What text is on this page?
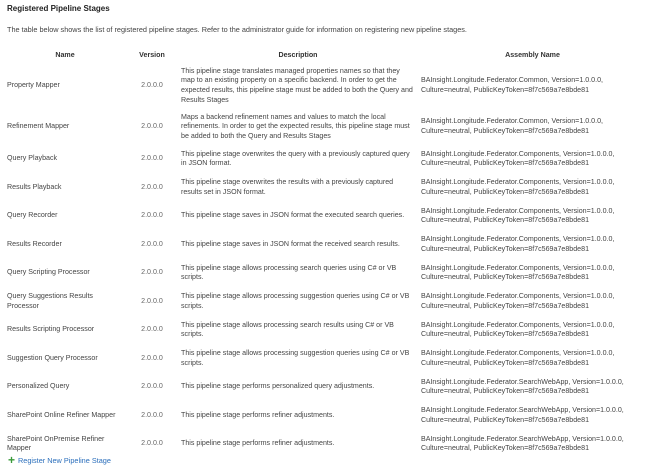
Registered Pipeline Stages
The table below shows the list of registered pipeline stages. Refer to the administrator guide for information on registering new pipeline stages.
Name	Version	Description	Assembly Name
Property Mapper	2.0.0.0	This pipeline stage translates managed properties names so that they map to an existing property on a specific backend. In order to get the expected results, this pipeline stage must be added to both the Query and Results Stages	BAInsight.Longitude.Federator.Common, Version=1.0.0.0, Culture=neutral, PublicKeyToken=8f7c569a7e8bde81
Refinement Mapper	2.0.0.0	Maps a backend refinement names and values to match the local refinements. In order to get the expected results, this pipeline stage must be added to both the Query and Results Stages	BAInsight.Longitude.Federator.Common, Version=1.0.0.0, Culture=neutral, PublicKeyToken=8f7c569a7e8bde81
Query Playback	2.0.0.0	This pipeline stage overwrites the query with a previously captured query in JSON format.	BAInsight.Longitude.Federator.Components, Version=1.0.0.0, Culture=neutral, PublicKeyToken=8f7c569a7e8bde81
Results Playback	2.0.0.0	This pipeline stage overwrites the results with a previously captured results set in JSON format.	BAInsight.Longitude.Federator.Components, Version=1.0.0.0, Culture=neutral, PublicKeyToken=8f7c569a7e8bde81
Query Recorder	2.0.0.0	This pipeline stage saves in JSON format the executed search queries.	BAInsight.Longitude.Federator.Components, Version=1.0.0.0, Culture=neutral, PublicKeyToken=8f7c569a7e8bde81
Results Recorder	2.0.0.0	This pipeline stage saves in JSON format the received search results.	BAInsight.Longitude.Federator.Components, Version=1.0.0.0, Culture=neutral, PublicKeyToken=8f7c569a7e8bde81
Query Scripting Processor	2.0.0.0	This pipeline stage allows processing search queries using C# or VB scripts.	BAInsight.Longitude.Federator.Components, Version=1.0.0.0, Culture=neutral, PublicKeyToken=8f7c569a7e8bde81
Query Suggestions Results Processor	2.0.0.0	This pipeline stage allows processing suggestion queries using C# or VB scripts.	BAInsight.Longitude.Federator.Components, Version=1.0.0.0, Culture=neutral, PublicKeyToken=8f7c569a7e8bde81
Results Scripting Processor	2.0.0.0	This pipeline stage allows processing search results using C# or VB scripts.	BAInsight.Longitude.Federator.Components, Version=1.0.0.0, Culture=neutral, PublicKeyToken=8f7c569a7e8bde81
Suggestion Query Processor	2.0.0.0	This pipeline stage allows processing suggestion queries using C# or VB scripts.	BAInsight.Longitude.Federator.Components, Version=1.0.0.0, Culture=neutral, PublicKeyToken=8f7c569a7e8bde81
Personalized Query	2.0.0.0	This pipeline stage performs personalized query adjustments.	BAInsight.Longitude.Federator.SearchWebApp, Version=1.0.0.0, Culture=neutral, PublicKeyToken=8f7c569a7e8bde81
SharePoint Online Refiner Mapper	2.0.0.0	This pipeline stage performs refiner adjustments.	BAInsight.Longitude.Federator.SearchWebApp, Version=1.0.0.0, Culture=neutral, PublicKeyToken=8f7c569a7e8bde81
SharePoint OnPremise Refiner Mapper	2.0.0.0	This pipeline stage performs refiner adjustments.	BAInsight.Longitude.Federator.SearchWebApp, Version=1.0.0.0, Culture=neutral, PublicKeyToken=8f7c569a7e8bde81
+ Register New Pipeline Stage
